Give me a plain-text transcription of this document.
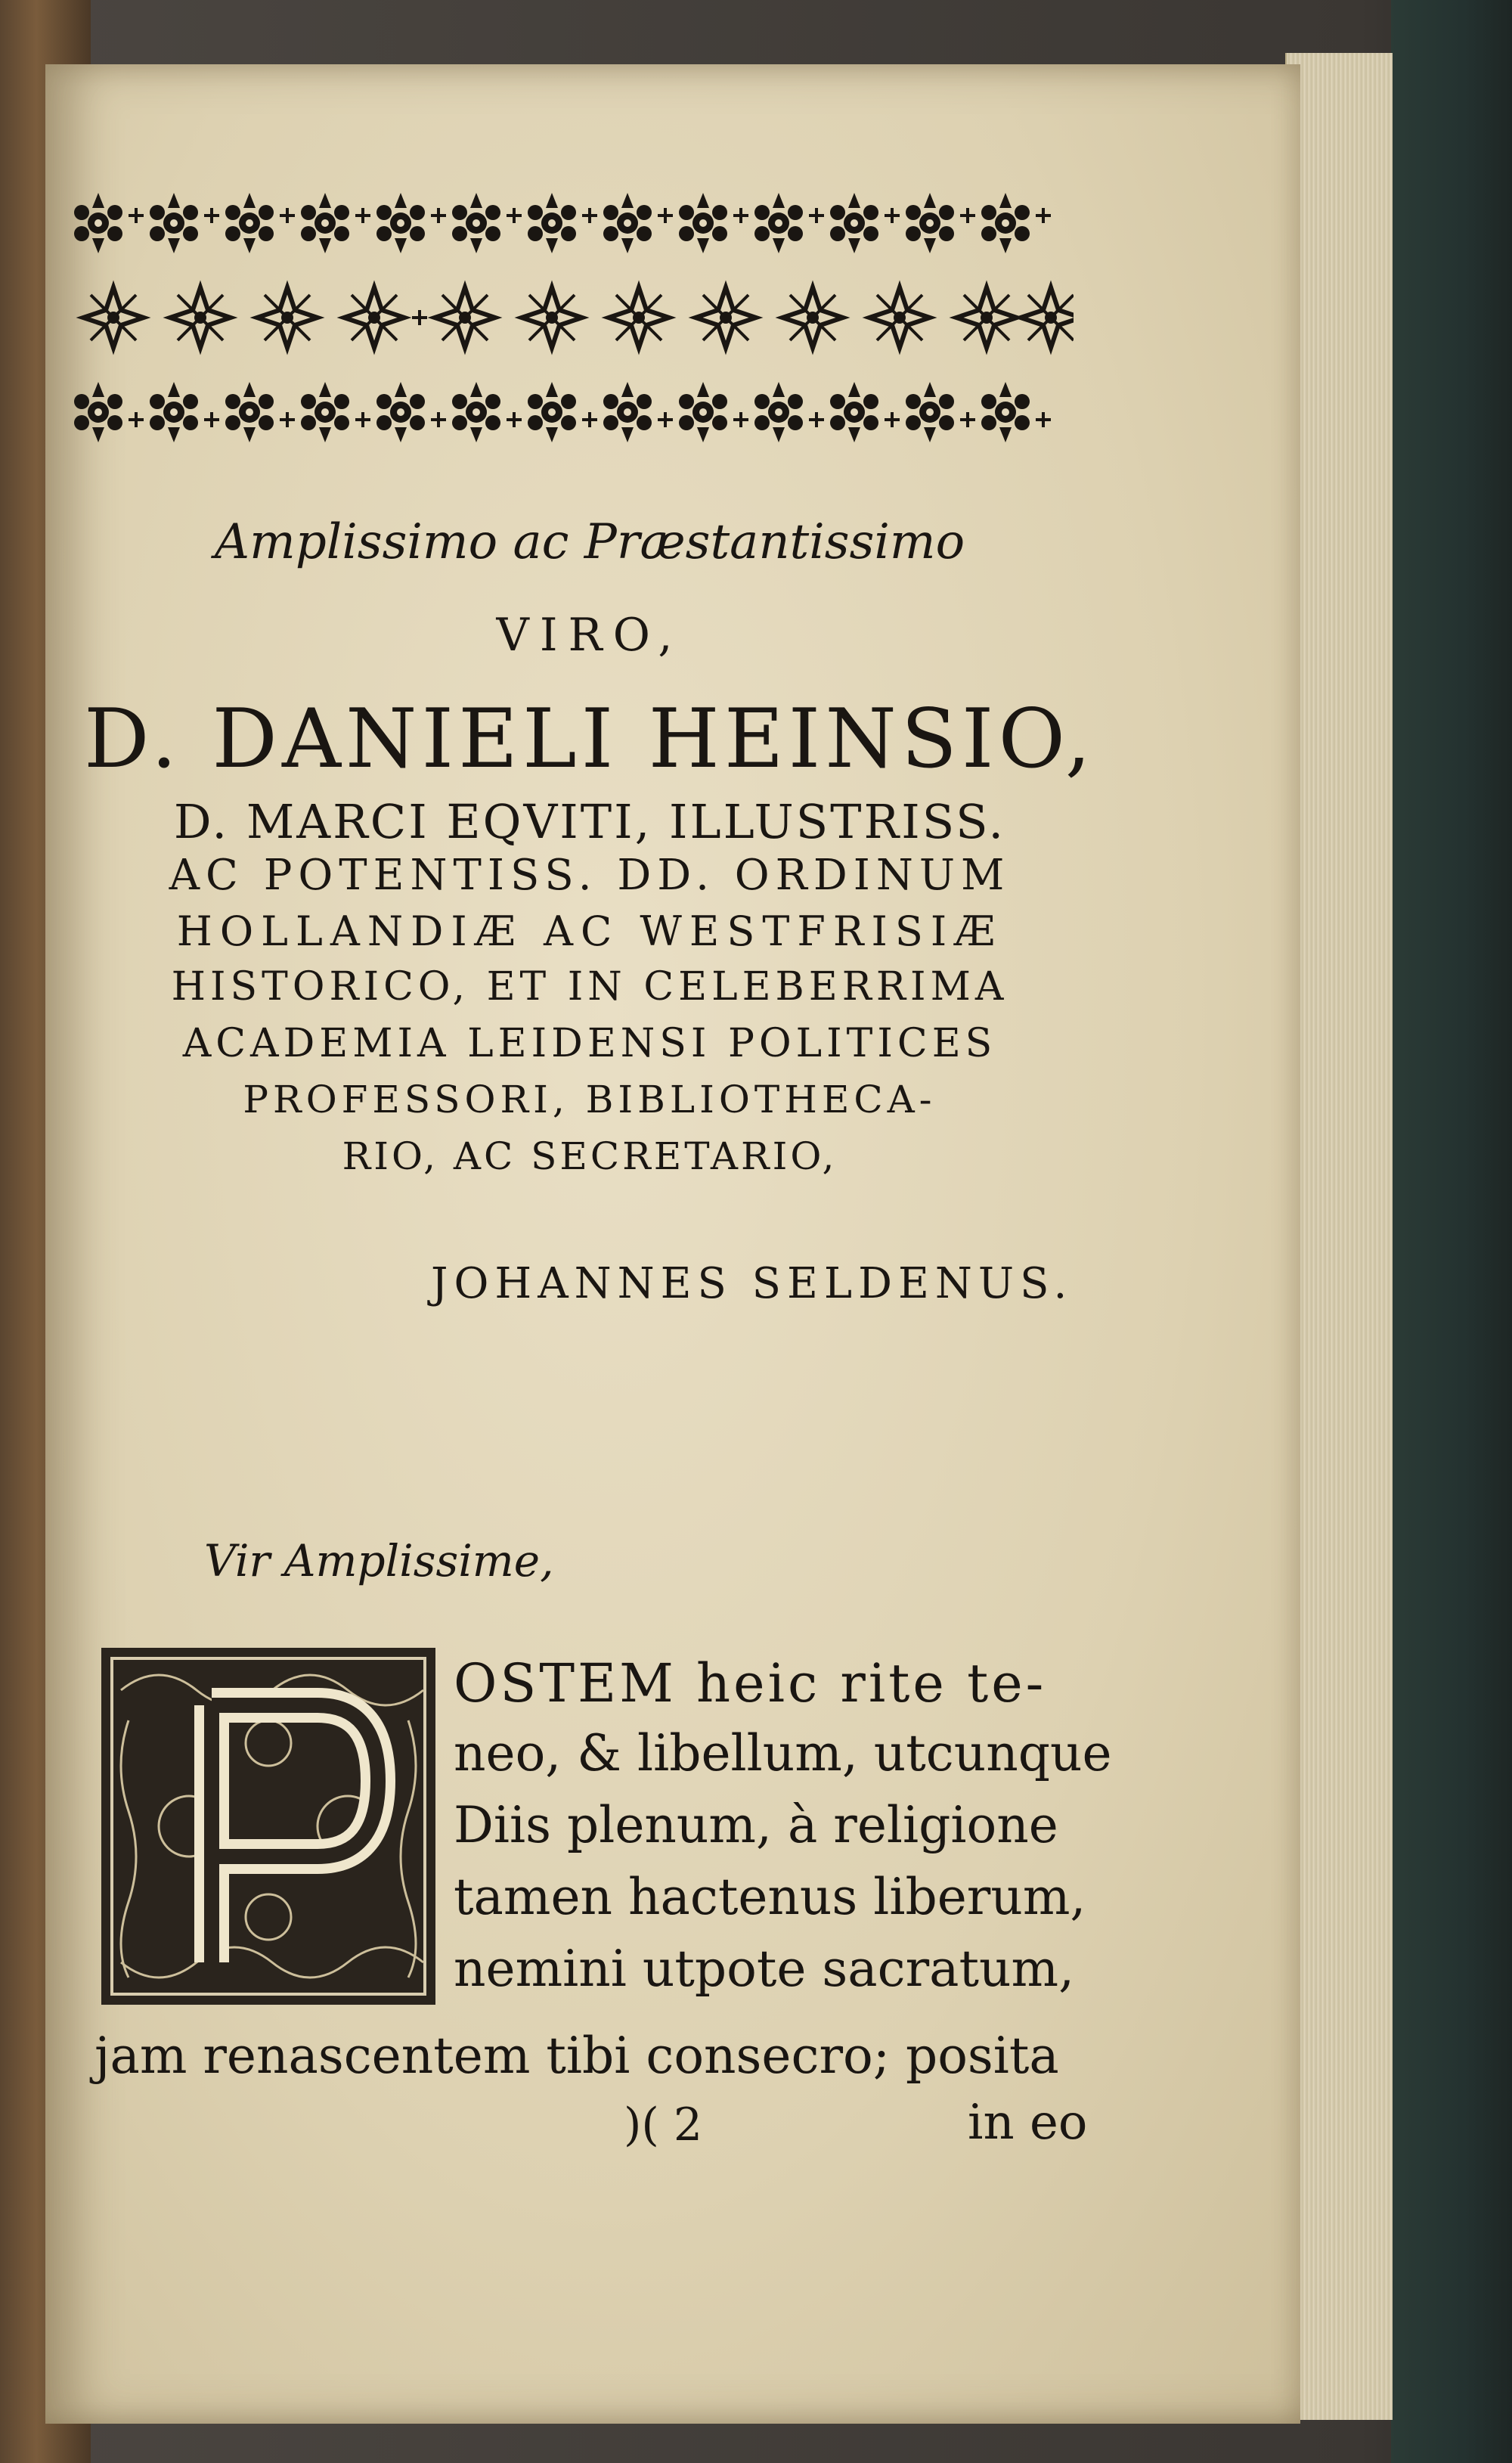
Amplissimo ac Præstantissimo
VIRO,
D. DANIELI HEINSIO,
D. MARCI EQVITI, ILLUSTRISS.
AC POTENTISS. DD. ORDINUM
HOLLANDIÆ AC WESTFRISIÆ
HISTORICO, ET IN CELEBERRIMA
ACADEMIA LEIDENSI POLITICES
PROFESSORI, BIBLIOTHECA-
RIO, AC SECRETARIO,
JOHANNES SELDENUS.
Vir Amplissime,
P
OSTEM heic rite te-
neo, & libellum, utcunque
Diis plenum, à religione
tamen hactenus liberum,
nemini utpote sacratum,
jam renascentem tibi consecro; posita
)( 2	in eo
